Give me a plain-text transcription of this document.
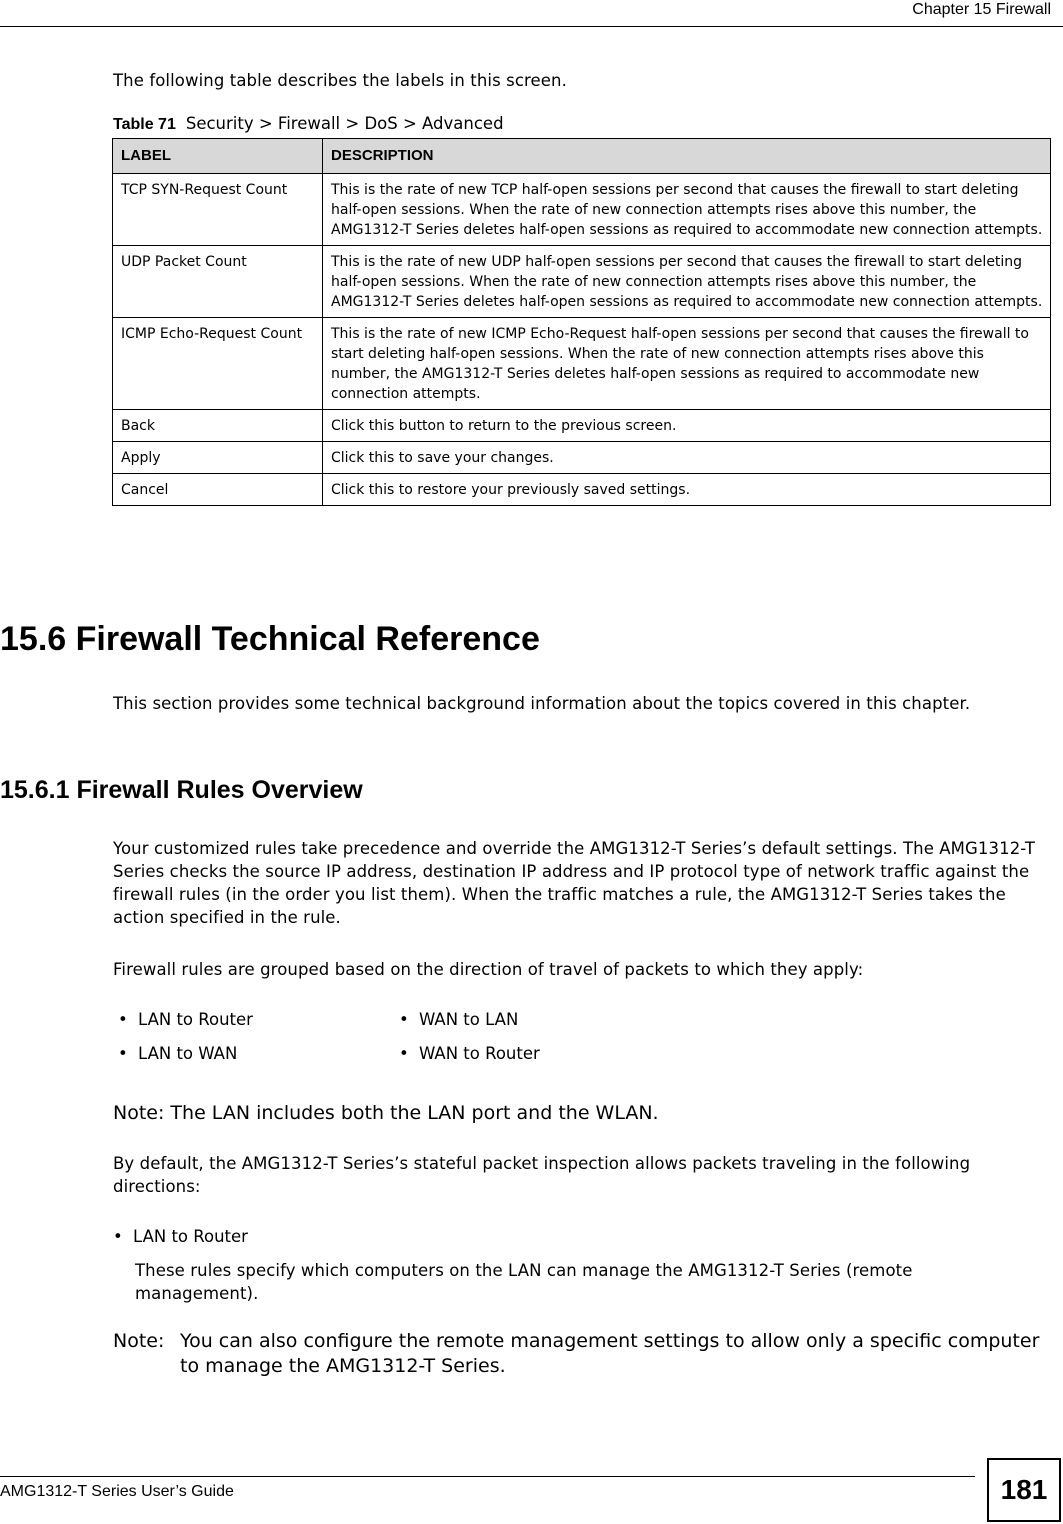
Chapter 15 Firewall
The following table describes the labels in this screen.
Table 71 Security > Firewall > DoS > Advanced
LABEL	DESCRIPTION
TCP SYN-Request Count	This is the rate of new TCP half-open sessions per second that causes the firewall to start deleting half-open sessions. When the rate of new connection attempts rises above this number, the AMG1312-T Series deletes half-open sessions as required to accommodate new connection attempts.
UDP Packet Count	This is the rate of new UDP half-open sessions per second that causes the firewall to start deleting half-open sessions. When the rate of new connection attempts rises above this number, the AMG1312-T Series deletes half-open sessions as required to accommodate new connection attempts.
ICMP Echo-Request Count	This is the rate of new ICMP Echo-Request half-open sessions per second that causes the firewall to start deleting half-open sessions. When the rate of new connection attempts rises above this number, the AMG1312-T Series deletes half-open sessions as required to accommodate new connection attempts.
Back	Click this button to return to the previous screen.
Apply	Click this to save your changes.
Cancel	Click this to restore your previously saved settings.
15.6 Firewall Technical Reference
This section provides some technical background information about the topics covered in this chapter.
15.6.1 Firewall Rules Overview
Your customized rules take precedence and override the AMG1312-T Series’s default settings. The AMG1312-T Series checks the source IP address, destination IP address and IP protocol type of network traffic against the firewall rules (in the order you list them). When the traffic matches a rule, the AMG1312-T Series takes the action specified in the rule.
Firewall rules are grouped based on the direction of travel of packets to which they apply:
• LAN to Router	• WAN to LAN
• LAN to WAN	• WAN to Router
Note: The LAN includes both the LAN port and the WLAN.
By default, the AMG1312-T Series’s stateful packet inspection allows packets traveling in the following directions:
• LAN to Router
These rules specify which computers on the LAN can manage the AMG1312-T Series (remote management).
Note: You can also configure the remote management settings to allow only a specific computer to manage the AMG1312-T Series.
AMG1312-T Series User’s Guide	181
